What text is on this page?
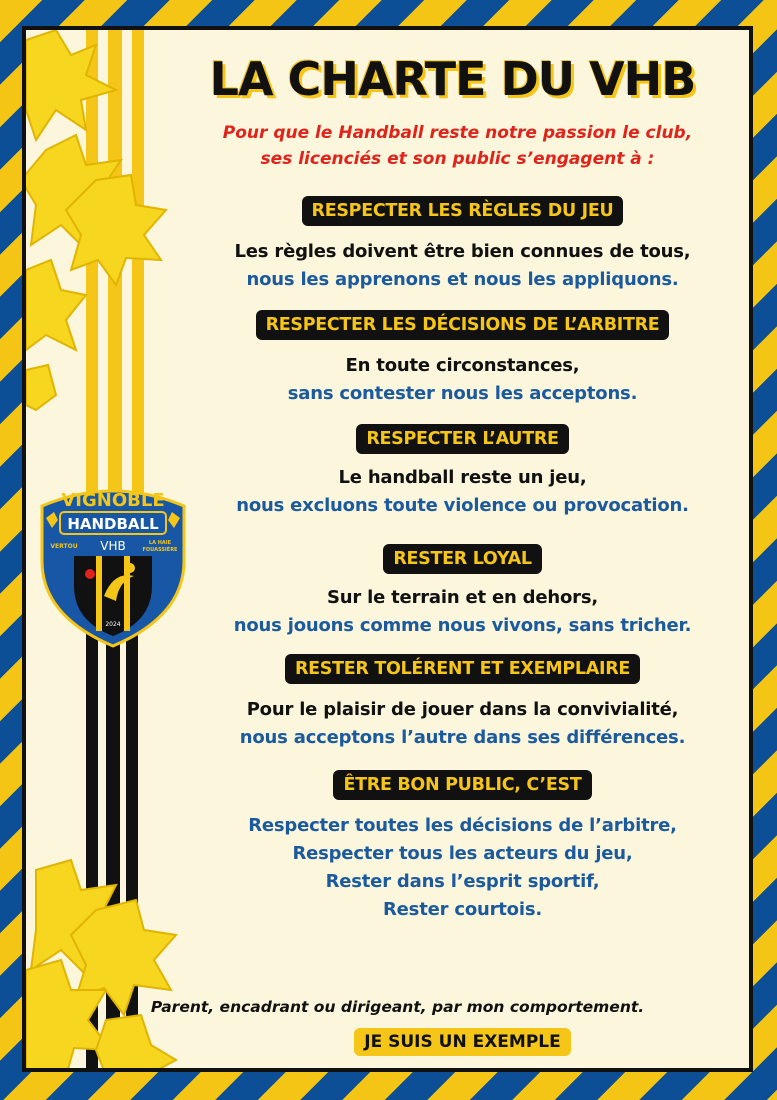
VIGNOBLE
HANDBALL
VERTOU VHB	LA HAIE
FOUASSIÈRE
2024
LA CHARTE DU VHB
Pour que le Handball reste notre passion le club,
ses licenciés et son public s’engagent à :
RESPECTER LES RÈGLES DU JEU
Les règles doivent être bien connues de tous,
nous les apprenons et nous les appliquons.
RESPECTER LES DÉCISIONS DE L’ARBITRE
En toute circonstances,
sans contester nous les acceptons.
RESPECTER L’AUTRE
Le handball reste un jeu,
nous excluons toute violence ou provocation.
RESTER LOYAL
Sur le terrain et en dehors,
nous jouons comme nous vivons, sans tricher.
RESTER TOLÉRENT ET EXEMPLAIRE
Pour le plaisir de jouer dans la convivialité,
nous acceptons l’autre dans ses différences.
ÊTRE BON PUBLIC, C’EST
Respecter toutes les décisions de l’arbitre,
Respecter tous les acteurs du jeu,
Rester dans l’esprit sportif,
Rester courtois.
Parent, encadrant ou dirigeant, par mon comportement.
JE SUIS UN EXEMPLE
